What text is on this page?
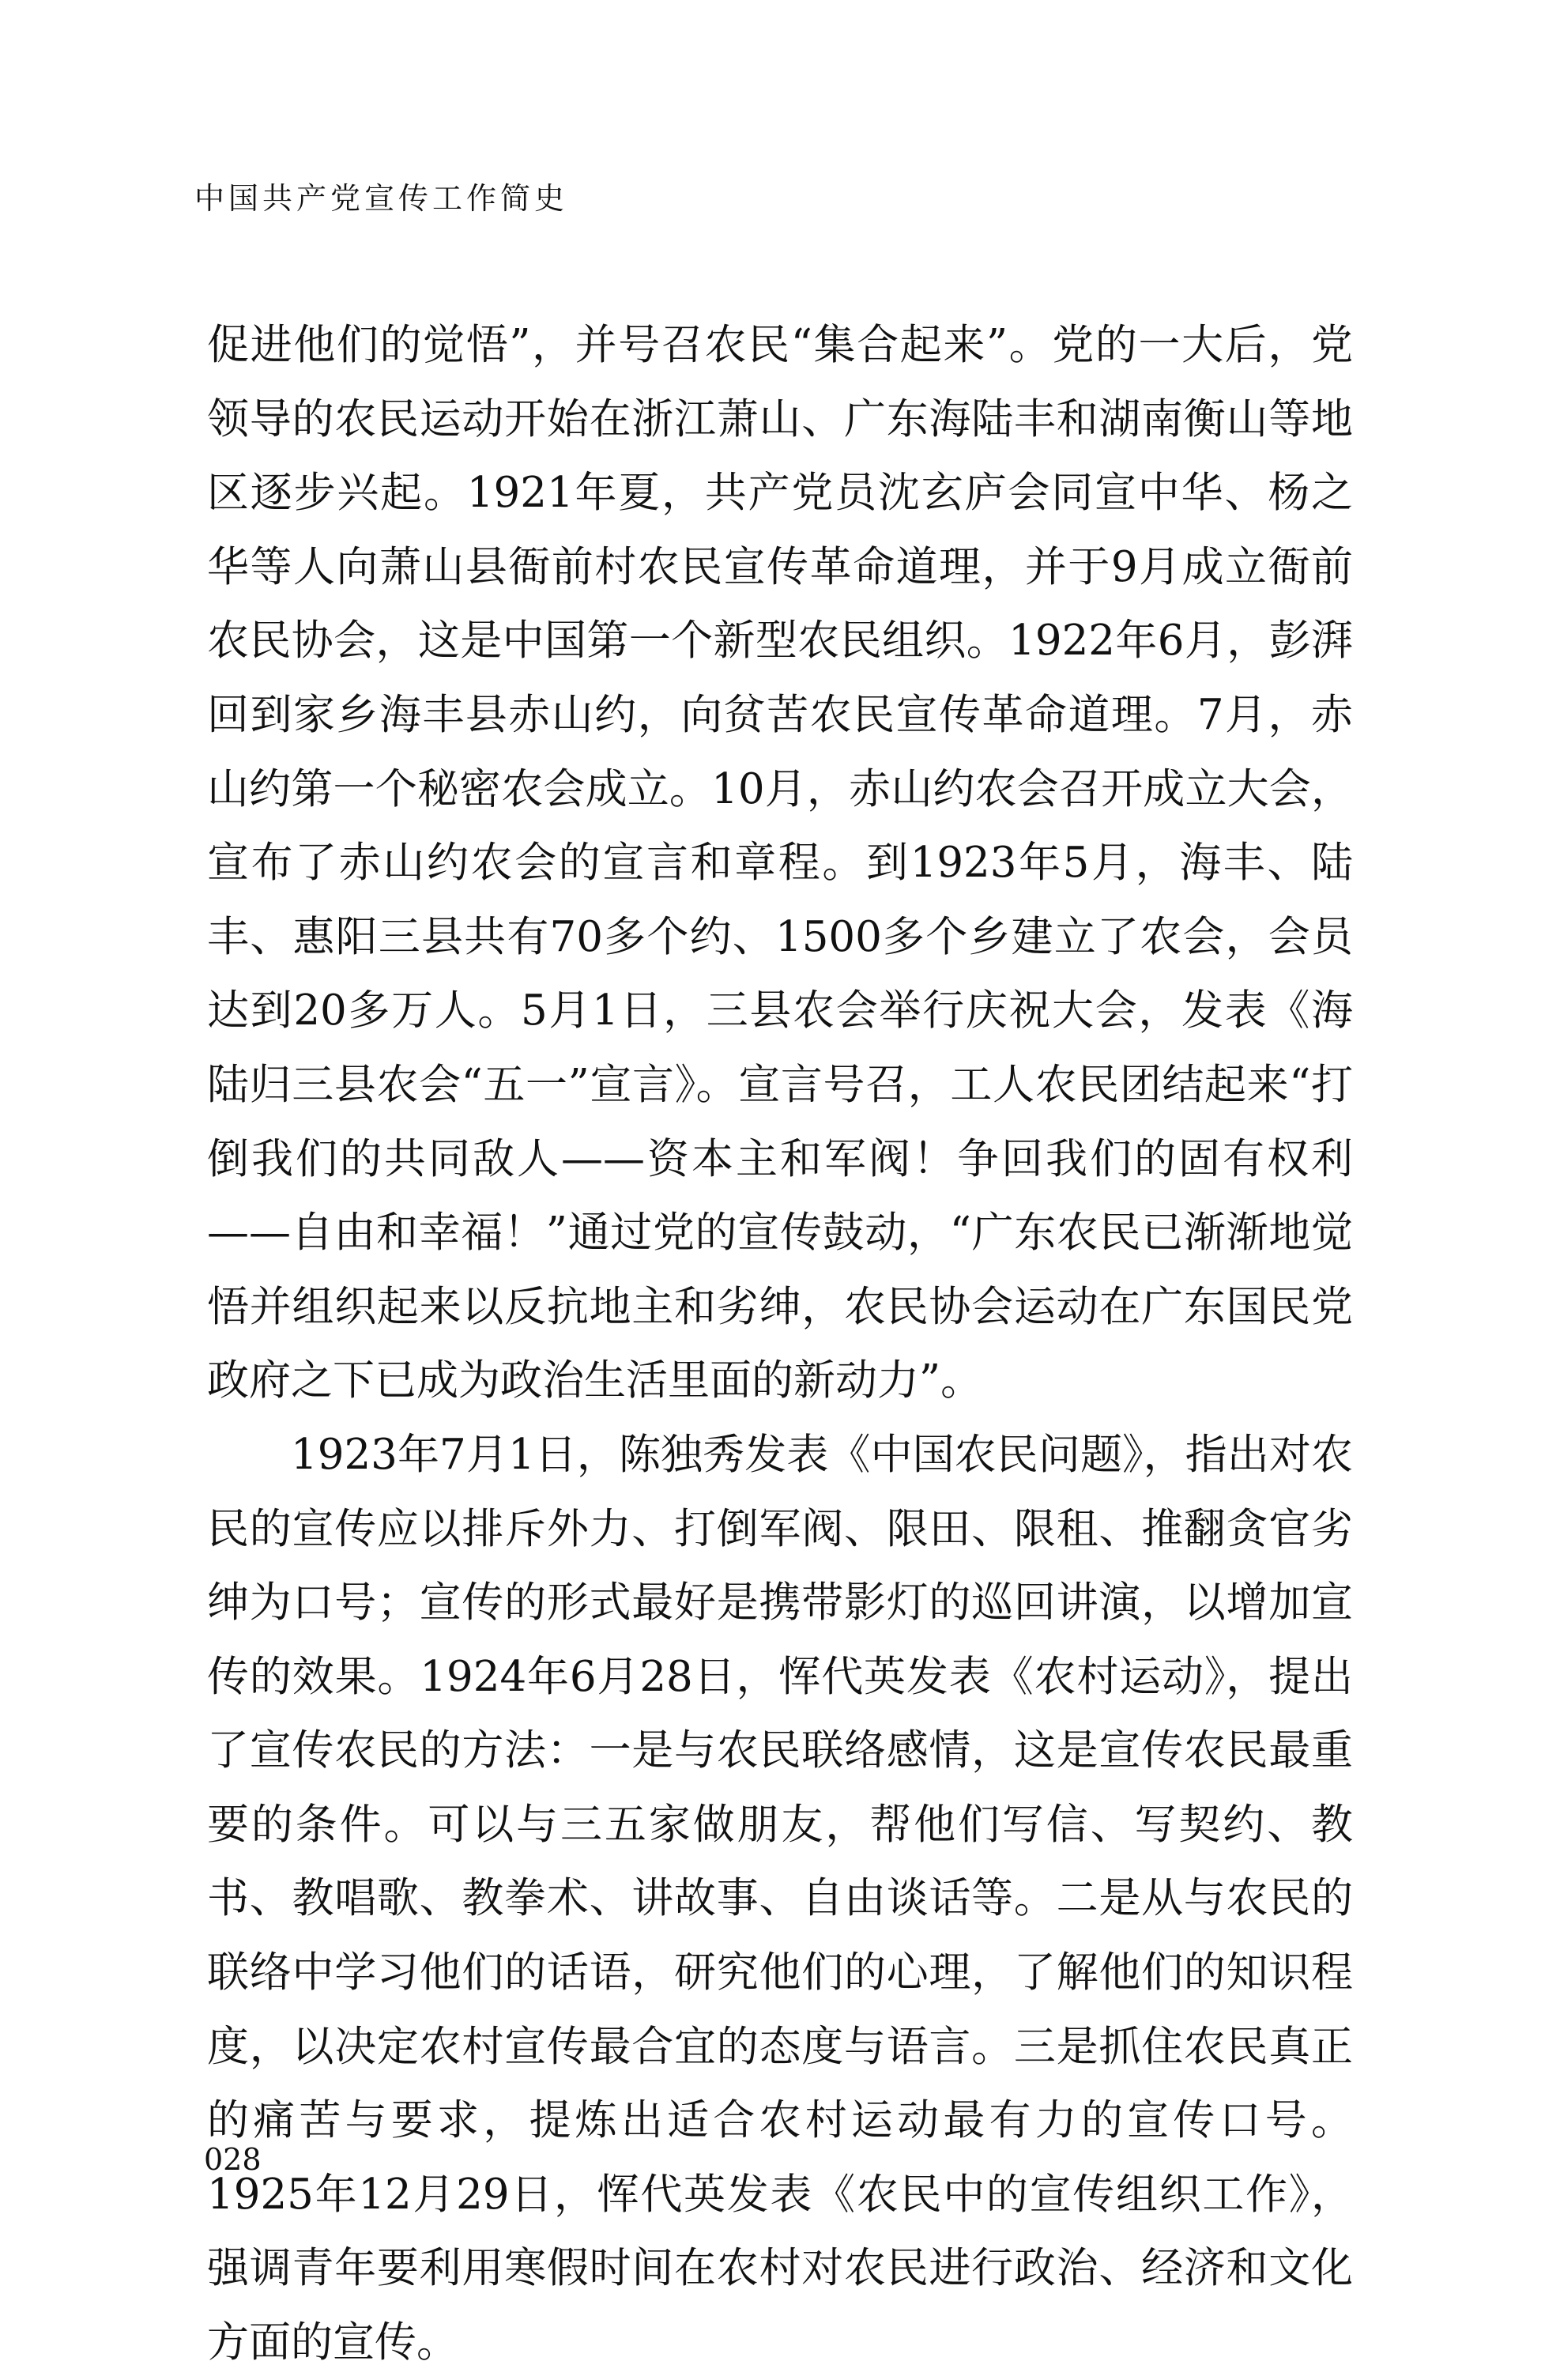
中国共产党宣传工作简史

促进他们的觉悟”，并号召农民“集合起来”。党的一大后，党领导的农民运动开始在浙江萧山、广东海陆丰和湖南衡山等地区逐步兴起。1921年夏，共产党员沈玄庐会同宣中华、杨之华等人向萧山县衙前村农民宣传革命道理，并于9月成立衙前农民协会，这是中国第一个新型农民组织。1922年6月，彭湃回到家乡海丰县赤山约，向贫苦农民宣传革命道理。7月，赤山约第一个秘密农会成立。10月，赤山约农会召开成立大会，宣布了赤山约农会的宣言和章程。到1923年5月，海丰、陆丰、惠阳三县共有70多个约、1500多个乡建立了农会，会员达到20多万人。5月1日，三县农会举行庆祝大会，发表《海陆归三县农会“五一”宣言》。宣言号召，工人农民团结起来“打倒我们的共同敌人——资本主和军阀！争回我们的固有权利——自由和幸福！”通过党的宣传鼓动，“广东农民已渐渐地觉悟并组织起来以反抗地主和劣绅，农民协会运动在广东国民党政府之下已成为政治生活里面的新动力”。

1923年7月1日，陈独秀发表《中国农民问题》，指出对农民的宣传应以排斥外力、打倒军阀、限田、限租、推翻贪官劣绅为口号；宣传的形式最好是携带影灯的巡回讲演，以增加宣传的效果。1924年6月28日，恽代英发表《农村运动》，提出了宣传农民的方法：一是与农民联络感情，这是宣传农民最重要的条件。可以与三五家做朋友，帮他们写信、写契约、教书、教唱歌、教拳术、讲故事、自由谈话等。二是从与农民的联络中学习他们的话语，研究他们的心理，了解他们的知识程度，以决定农村宣传最合宜的态度与语言。三是抓住农民真正的痛苦与要求，提炼出适合农村运动最有力的宣传口号。1925年12月29日，恽代英发表《农民中的宣传组织工作》，强调青年要利用寒假时间在农村对农民进行政治、经济和文化方面的宣传。

028
